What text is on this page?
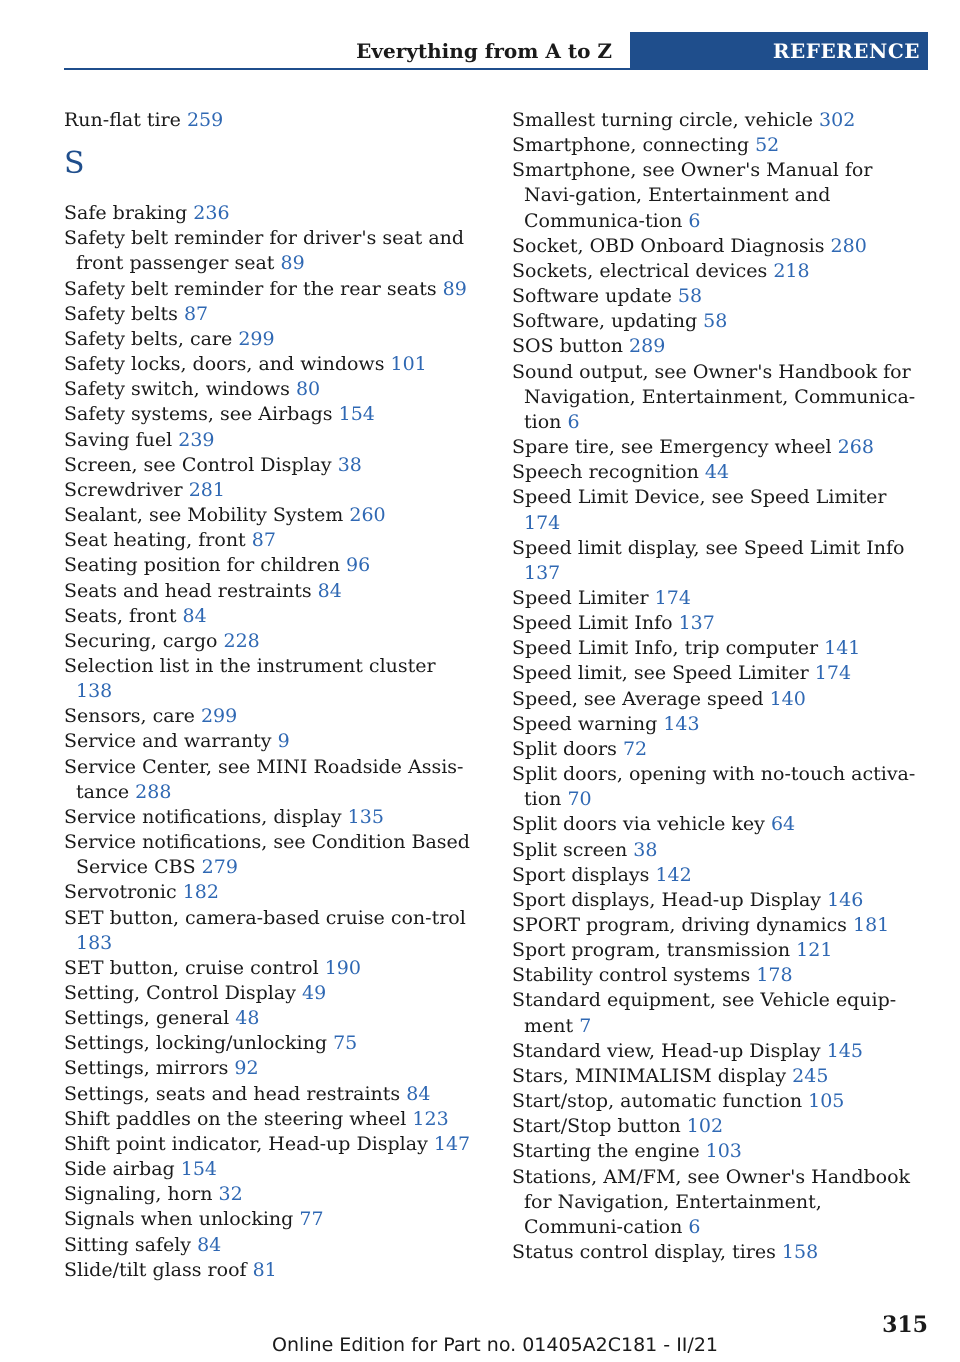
Everything from A to Z	REFERENCE
Run-flat tire 259
S
Safe braking 236
Safety belt reminder for driver's seat and front passenger seat 89
Safety belt reminder for the rear seats 89
Safety belts 87
Safety belts, care 299
Safety locks, doors, and windows 101
Safety switch, windows 80
Safety systems, see Airbags 154
Saving fuel 239
Screen, see Control Display 38
Screwdriver 281
Sealant, see Mobility System 260
Seat heating, front 87
Seating position for children 96
Seats and head restraints 84
Seats, front 84
Securing, cargo 228
Selection list in the instrument cluster 138
Sensors, care 299
Service and warranty 9
Service Center, see MINI Roadside Assis-tance 288
Service notifications, display 135
Service notifications, see Condition Based Service CBS 279
Servotronic 182
SET button, camera-based cruise con-trol 183
SET button, cruise control 190
Setting, Control Display 49
Settings, general 48
Settings, locking/unlocking 75
Settings, mirrors 92
Settings, seats and head restraints 84
Shift paddles on the steering wheel 123
Shift point indicator, Head-up Display 147
Side airbag 154
Signaling, horn 32
Signals when unlocking 77
Sitting safely 84
Slide/tilt glass roof 81
Smallest turning circle, vehicle 302
Smartphone, connecting 52
Smartphone, see Owner's Manual for Navi-gation, Entertainment and Communica-tion 6
Socket, OBD Onboard Diagnosis 280
Sockets, electrical devices 218
Software update 58
Software, updating 58
SOS button 289
Sound output, see Owner's Handbook for Navigation, Entertainment, Communica-tion 6
Spare tire, see Emergency wheel 268
Speech recognition 44
Speed Limit Device, see Speed Limiter 174
Speed limit display, see Speed Limit Info 137
Speed Limiter 174
Speed Limit Info 137
Speed Limit Info, trip computer 141
Speed limit, see Speed Limiter 174
Speed, see Average speed 140
Speed warning 143
Split doors 72
Split doors, opening with no-touch activa-tion 70
Split doors via vehicle key 64
Split screen 38
Sport displays 142
Sport displays, Head-up Display 146
SPORT program, driving dynamics 181
Sport program, transmission 121
Stability control systems 178
Standard equipment, see Vehicle equip-ment 7
Standard view, Head-up Display 145
Stars, MINIMALISM display 245
Start/stop, automatic function 105
Start/Stop button 102
Starting the engine 103
Stations, AM/FM, see Owner's Handbook for Navigation, Entertainment, Communi-cation 6
Status control display, tires 158
315
Online Edition for Part no. 01405A2C181 - II/21
